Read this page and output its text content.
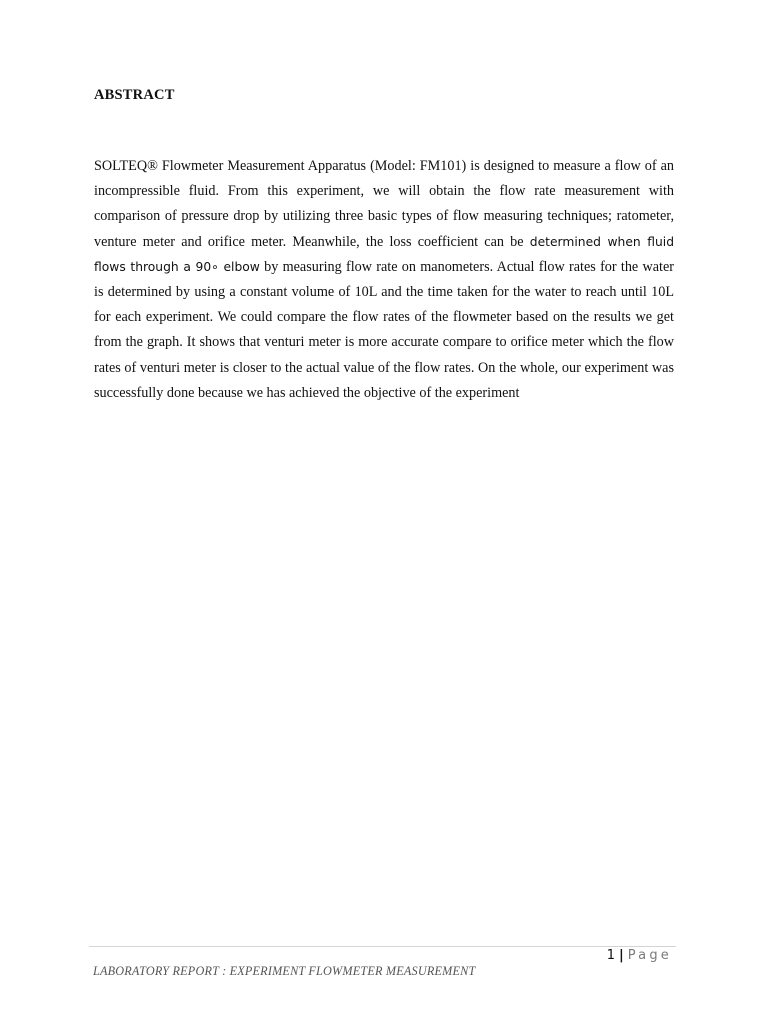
ABSTRACT

SOLTEQ® Flowmeter Measurement Apparatus (Model: FM101) is designed to measure a flow of an incompressible fluid. From this experiment, we will obtain the flow rate measurement with comparison of pressure drop by utilizing three basic types of flow measuring techniques; ratometer, venture meter and orifice meter. Meanwhile, the loss coefficient can be determined when fluid flows through a 90∘ elbow by measuring flow rate on manometers. Actual flow rates for the water is determined by using a constant volume of 10L and the time taken for the water to reach until 10L for each experiment. We could compare the flow rates of the flowmeter based on the results we get from the graph. It shows that venturi meter is more accurate compare to orifice meter which the flow rates of venturi meter is closer to the actual value of the flow rates. On the whole, our experiment was successfully done because we has achieved the objective of the experiment

1 | Page
LABORATORY REPORT : EXPERIMENT FLOWMETER MEASUREMENT
